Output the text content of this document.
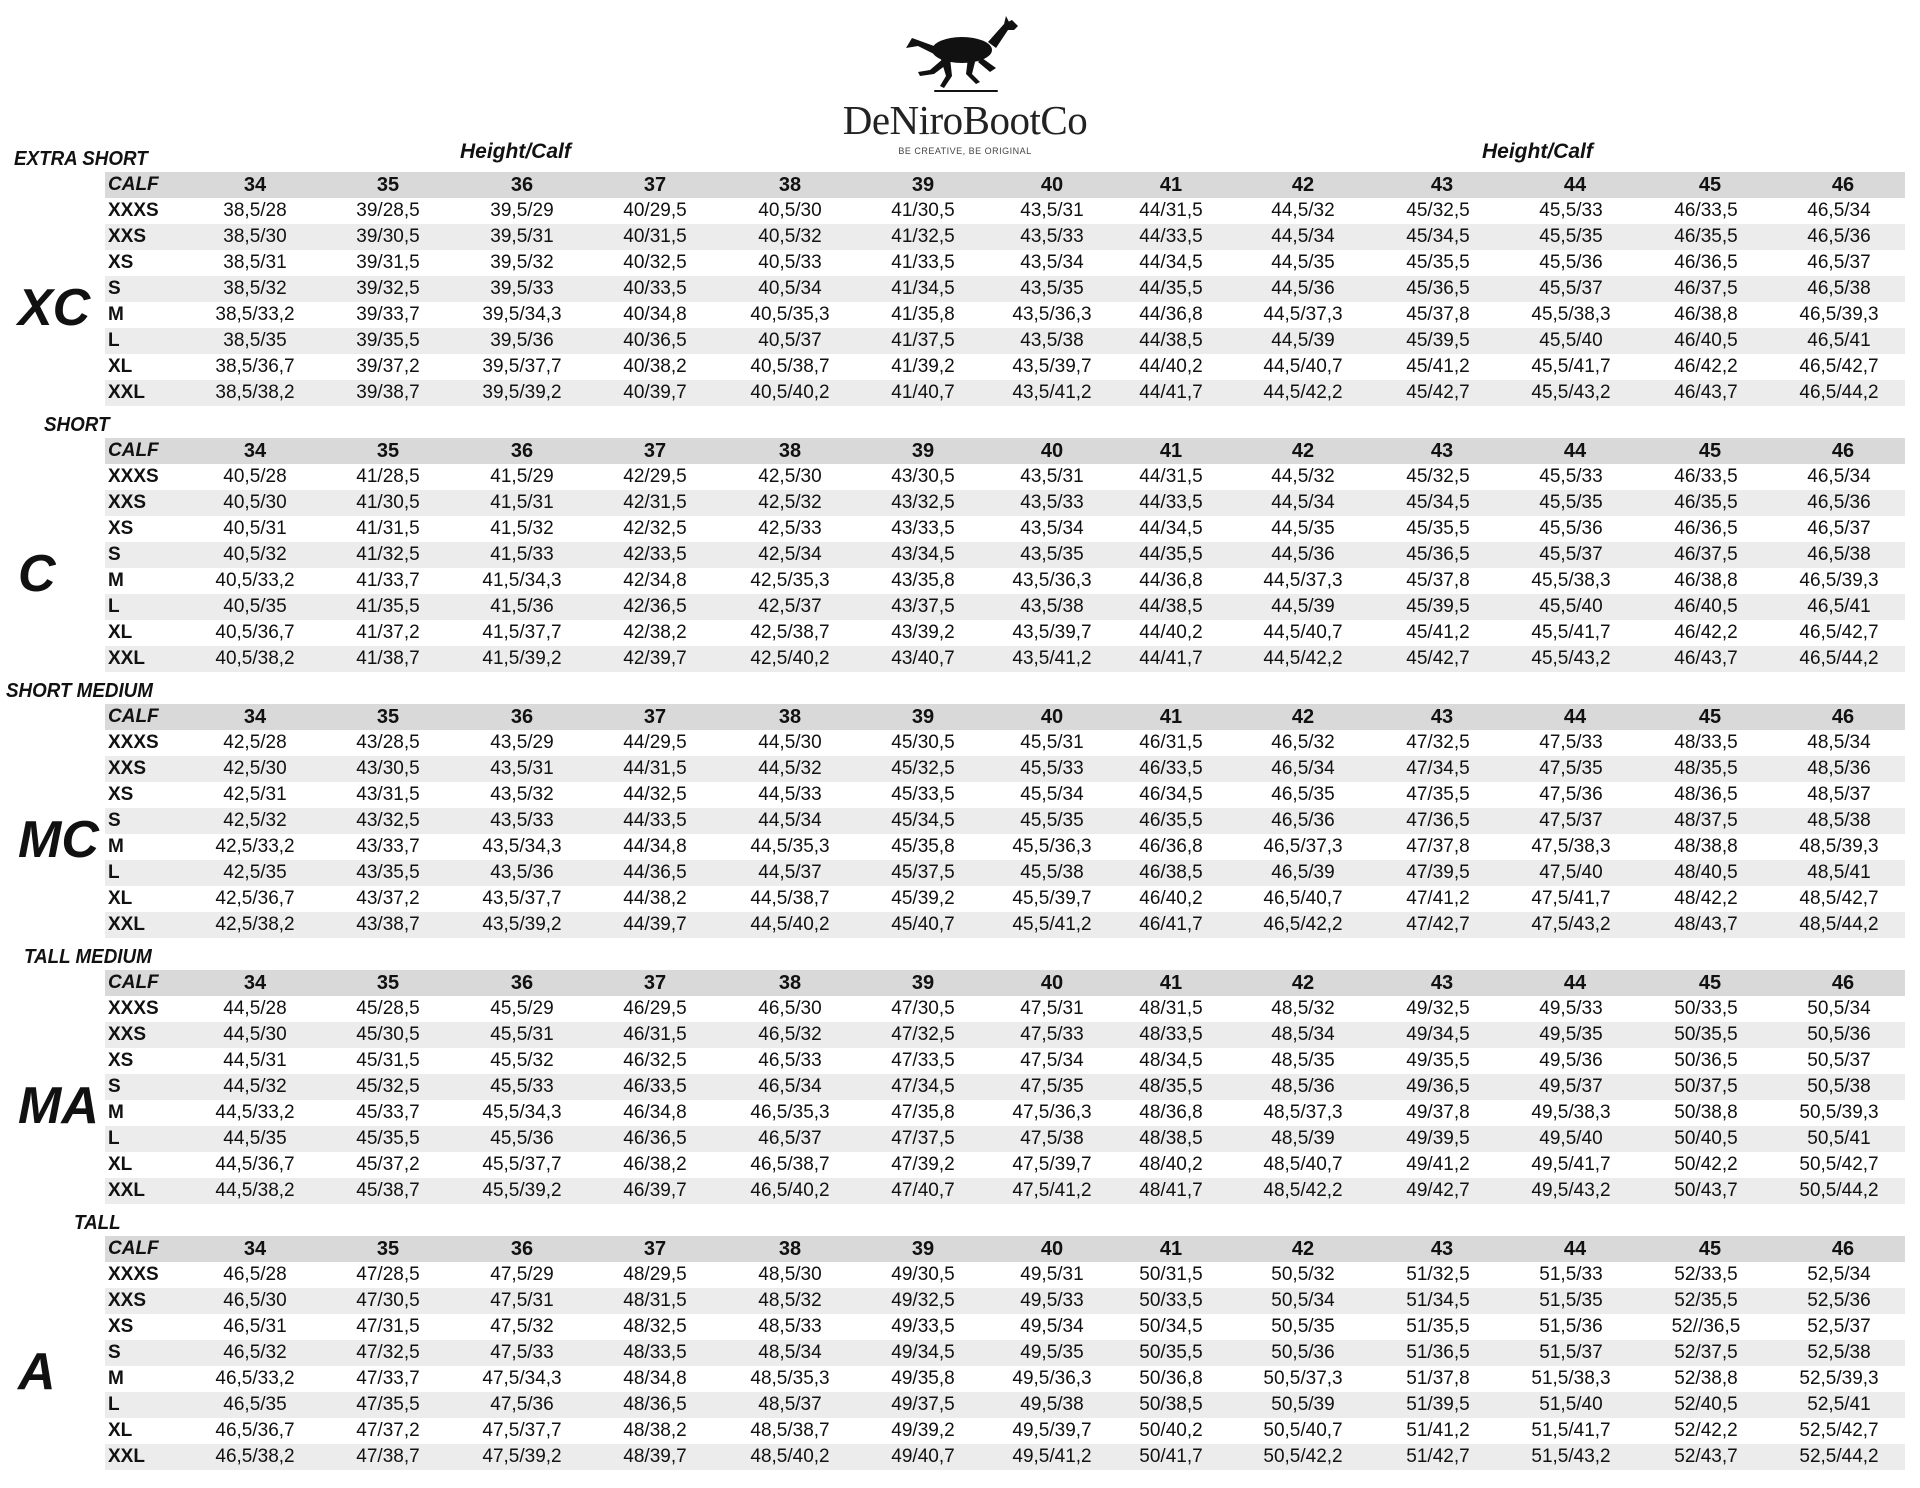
DeNiroBootCo
BE CREATIVE, BE ORIGINAL
Height/Calf	Height/Calf
EXTRA SHORT
XC
CALF	34	35	36	37	38	39	40	41	42	43	44	45	46
XXXS	38,5/28	39/28,5	39,5/29	40/29,5	40,5/30	41/30,5	43,5/31	44/31,5	44,5/32	45/32,5	45,5/33	46/33,5	46,5/34
XXS	38,5/30	39/30,5	39,5/31	40/31,5	40,5/32	41/32,5	43,5/33	44/33,5	44,5/34	45/34,5	45,5/35	46/35,5	46,5/36
XS	38,5/31	39/31,5	39,5/32	40/32,5	40,5/33	41/33,5	43,5/34	44/34,5	44,5/35	45/35,5	45,5/36	46/36,5	46,5/37
S	38,5/32	39/32,5	39,5/33	40/33,5	40,5/34	41/34,5	43,5/35	44/35,5	44,5/36	45/36,5	45,5/37	46/37,5	46,5/38
M	38,5/33,2	39/33,7	39,5/34,3	40/34,8	40,5/35,3	41/35,8	43,5/36,3	44/36,8	44,5/37,3	45/37,8	45,5/38,3	46/38,8	46,5/39,3
L	38,5/35	39/35,5	39,5/36	40/36,5	40,5/37	41/37,5	43,5/38	44/38,5	44,5/39	45/39,5	45,5/40	46/40,5	46,5/41
XL	38,5/36,7	39/37,2	39,5/37,7	40/38,2	40,5/38,7	41/39,2	43,5/39,7	44/40,2	44,5/40,7	45/41,2	45,5/41,7	46/42,2	46,5/42,7
XXL	38,5/38,2	39/38,7	39,5/39,2	40/39,7	40,5/40,2	41/40,7	43,5/41,2	44/41,7	44,5/42,2	45/42,7	45,5/43,2	46/43,7	46,5/44,2
SHORT
C
CALF	34	35	36	37	38	39	40	41	42	43	44	45	46
XXXS	40,5/28	41/28,5	41,5/29	42/29,5	42,5/30	43/30,5	43,5/31	44/31,5	44,5/32	45/32,5	45,5/33	46/33,5	46,5/34
XXS	40,5/30	41/30,5	41,5/31	42/31,5	42,5/32	43/32,5	43,5/33	44/33,5	44,5/34	45/34,5	45,5/35	46/35,5	46,5/36
XS	40,5/31	41/31,5	41,5/32	42/32,5	42,5/33	43/33,5	43,5/34	44/34,5	44,5/35	45/35,5	45,5/36	46/36,5	46,5/37
S	40,5/32	41/32,5	41,5/33	42/33,5	42,5/34	43/34,5	43,5/35	44/35,5	44,5/36	45/36,5	45,5/37	46/37,5	46,5/38
M	40,5/33,2	41/33,7	41,5/34,3	42/34,8	42,5/35,3	43/35,8	43,5/36,3	44/36,8	44,5/37,3	45/37,8	45,5/38,3	46/38,8	46,5/39,3
L	40,5/35	41/35,5	41,5/36	42/36,5	42,5/37	43/37,5	43,5/38	44/38,5	44,5/39	45/39,5	45,5/40	46/40,5	46,5/41
XL	40,5/36,7	41/37,2	41,5/37,7	42/38,2	42,5/38,7	43/39,2	43,5/39,7	44/40,2	44,5/40,7	45/41,2	45,5/41,7	46/42,2	46,5/42,7
XXL	40,5/38,2	41/38,7	41,5/39,2	42/39,7	42,5/40,2	43/40,7	43,5/41,2	44/41,7	44,5/42,2	45/42,7	45,5/43,2	46/43,7	46,5/44,2
SHORT MEDIUM
MC
CALF	34	35	36	37	38	39	40	41	42	43	44	45	46
XXXS	42,5/28	43/28,5	43,5/29	44/29,5	44,5/30	45/30,5	45,5/31	46/31,5	46,5/32	47/32,5	47,5/33	48/33,5	48,5/34
XXS	42,5/30	43/30,5	43,5/31	44/31,5	44,5/32	45/32,5	45,5/33	46/33,5	46,5/34	47/34,5	47,5/35	48/35,5	48,5/36
XS	42,5/31	43/31,5	43,5/32	44/32,5	44,5/33	45/33,5	45,5/34	46/34,5	46,5/35	47/35,5	47,5/36	48/36,5	48,5/37
S	42,5/32	43/32,5	43,5/33	44/33,5	44,5/34	45/34,5	45,5/35	46/35,5	46,5/36	47/36,5	47,5/37	48/37,5	48,5/38
M	42,5/33,2	43/33,7	43,5/34,3	44/34,8	44,5/35,3	45/35,8	45,5/36,3	46/36,8	46,5/37,3	47/37,8	47,5/38,3	48/38,8	48,5/39,3
L	42,5/35	43/35,5	43,5/36	44/36,5	44,5/37	45/37,5	45,5/38	46/38,5	46,5/39	47/39,5	47,5/40	48/40,5	48,5/41
XL	42,5/36,7	43/37,2	43,5/37,7	44/38,2	44,5/38,7	45/39,2	45,5/39,7	46/40,2	46,5/40,7	47/41,2	47,5/41,7	48/42,2	48,5/42,7
XXL	42,5/38,2	43/38,7	43,5/39,2	44/39,7	44,5/40,2	45/40,7	45,5/41,2	46/41,7	46,5/42,2	47/42,7	47,5/43,2	48/43,7	48,5/44,2
TALL MEDIUM
MA
CALF	34	35	36	37	38	39	40	41	42	43	44	45	46
XXXS	44,5/28	45/28,5	45,5/29	46/29,5	46,5/30	47/30,5	47,5/31	48/31,5	48,5/32	49/32,5	49,5/33	50/33,5	50,5/34
XXS	44,5/30	45/30,5	45,5/31	46/31,5	46,5/32	47/32,5	47,5/33	48/33,5	48,5/34	49/34,5	49,5/35	50/35,5	50,5/36
XS	44,5/31	45/31,5	45,5/32	46/32,5	46,5/33	47/33,5	47,5/34	48/34,5	48,5/35	49/35,5	49,5/36	50/36,5	50,5/37
S	44,5/32	45/32,5	45,5/33	46/33,5	46,5/34	47/34,5	47,5/35	48/35,5	48,5/36	49/36,5	49,5/37	50/37,5	50,5/38
M	44,5/33,2	45/33,7	45,5/34,3	46/34,8	46,5/35,3	47/35,8	47,5/36,3	48/36,8	48,5/37,3	49/37,8	49,5/38,3	50/38,8	50,5/39,3
L	44,5/35	45/35,5	45,5/36	46/36,5	46,5/37	47/37,5	47,5/38	48/38,5	48,5/39	49/39,5	49,5/40	50/40,5	50,5/41
XL	44,5/36,7	45/37,2	45,5/37,7	46/38,2	46,5/38,7	47/39,2	47,5/39,7	48/40,2	48,5/40,7	49/41,2	49,5/41,7	50/42,2	50,5/42,7
XXL	44,5/38,2	45/38,7	45,5/39,2	46/39,7	46,5/40,2	47/40,7	47,5/41,2	48/41,7	48,5/42,2	49/42,7	49,5/43,2	50/43,7	50,5/44,2
TALL
A
CALF	34	35	36	37	38	39	40	41	42	43	44	45	46
XXXS	46,5/28	47/28,5	47,5/29	48/29,5	48,5/30	49/30,5	49,5/31	50/31,5	50,5/32	51/32,5	51,5/33	52/33,5	52,5/34
XXS	46,5/30	47/30,5	47,5/31	48/31,5	48,5/32	49/32,5	49,5/33	50/33,5	50,5/34	51/34,5	51,5/35	52/35,5	52,5/36
XS	46,5/31	47/31,5	47,5/32	48/32,5	48,5/33	49/33,5	49,5/34	50/34,5	50,5/35	51/35,5	51,5/36	52//36,5	52,5/37
S	46,5/32	47/32,5	47,5/33	48/33,5	48,5/34	49/34,5	49,5/35	50/35,5	50,5/36	51/36,5	51,5/37	52/37,5	52,5/38
M	46,5/33,2	47/33,7	47,5/34,3	48/34,8	48,5/35,3	49/35,8	49,5/36,3	50/36,8	50,5/37,3	51/37,8	51,5/38,3	52/38,8	52,5/39,3
L	46,5/35	47/35,5	47,5/36	48/36,5	48,5/37	49/37,5	49,5/38	50/38,5	50,5/39	51/39,5	51,5/40	52/40,5	52,5/41
XL	46,5/36,7	47/37,2	47,5/37,7	48/38,2	48,5/38,7	49/39,2	49,5/39,7	50/40,2	50,5/40,7	51/41,2	51,5/41,7	52/42,2	52,5/42,7
XXL	46,5/38,2	47/38,7	47,5/39,2	48/39,7	48,5/40,2	49/40,7	49,5/41,2	50/41,7	50,5/42,2	51/42,7	51,5/43,2	52/43,7	52,5/44,2
